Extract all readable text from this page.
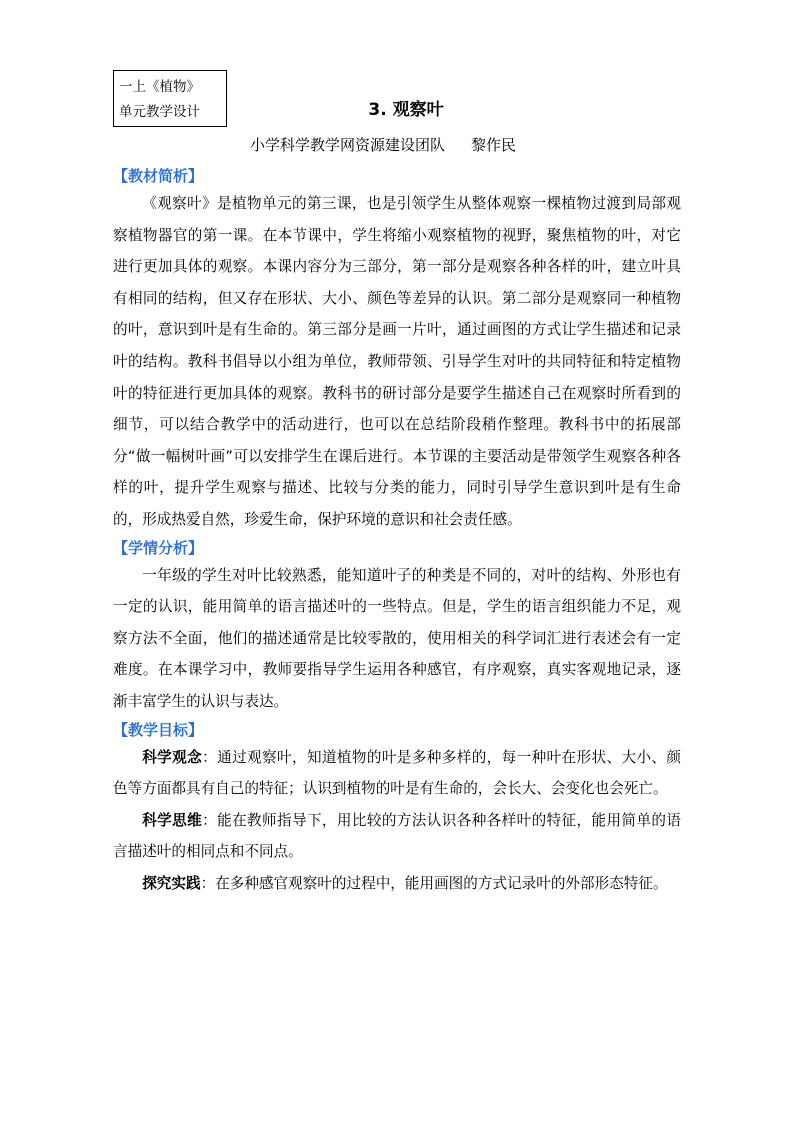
一上《植物》
单元教学设计	3. 观察叶
小学科学教学网资源建设团队 黎作民
【教材简析】

《观察叶》是植物单元的第三课，也是引领学生从整体观察一棵植物过渡到局部观察植物器官的第一课。在本节课中，学生将缩小观察植物的视野，聚焦植物的叶，对它进行更加具体的观察。本课内容分为三部分，第一部分是观察各种各样的叶，建立叶具有相同的结构，但又存在形状、大小、颜色等差异的认识。第二部分是观察同一种植物的叶，意识到叶是有生命的。第三部分是画一片叶，通过画图的方式让学生描述和记录叶的结构。教科书倡导以小组为单位，教师带领、引导学生对叶的共同特征和特定植物叶的特征进行更加具体的观察。教科书的研讨部分是要学生描述自己在观察时所看到的细节，可以结合教学中的活动进行，也可以在总结阶段稍作整理。教科书中的拓展部分“做一幅树叶画”可以安排学生在课后进行。本节课的主要活动是带领学生观察各种各样的叶，提升学生观察与描述、比较与分类的能力，同时引导学生意识到叶是有生命的，形成热爱自然，珍爱生命，保护环境的意识和社会责任感。

【学情分析】

一年级的学生对叶比较熟悉，能知道叶子的种类是不同的，对叶的结构、外形也有一定的认识，能用简单的语言描述叶的一些特点。但是，学生的语言组织能力不足，观察方法不全面，他们的描述通常是比较零散的，使用相关的科学词汇进行表述会有一定难度。在本课学习中，教师要指导学生运用各种感官，有序观察，真实客观地记录，逐渐丰富学生的认识与表达。

【教学目标】

科学观念：通过观察叶，知道植物的叶是多种多样的，每一种叶在形状、大小、颜色等方面都具有自己的特征；认识到植物的叶是有生命的，会长大、会变化也会死亡。

科学思维：能在教师指导下，用比较的方法认识各种各样叶的特征，能用简单的语言描述叶的相同点和不同点。

探究实践：在多种感官观察叶的过程中，能用画图的方式记录叶的外部形态特征。
